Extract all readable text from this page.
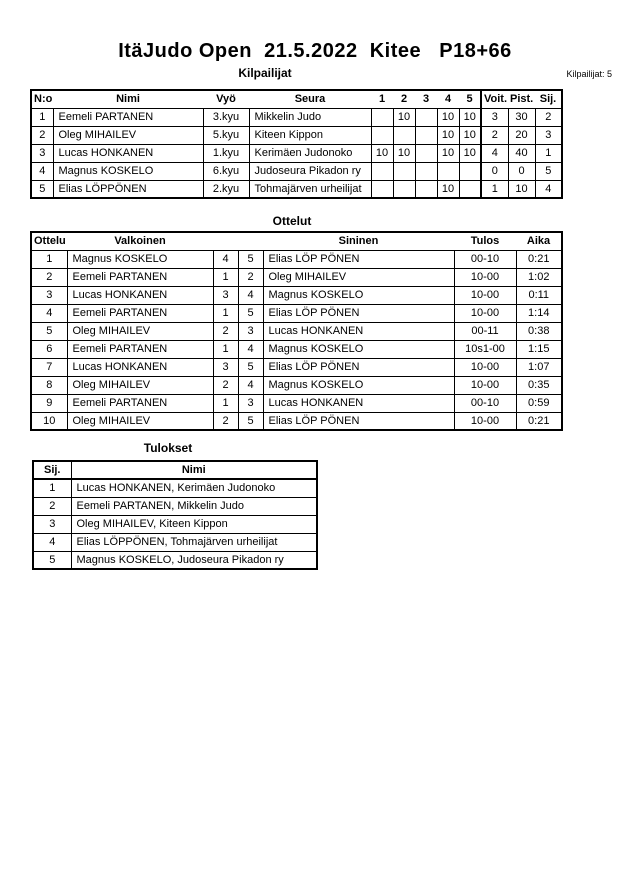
ItäJudo Open  21.5.2022  Kitee   P18+66
Kilpailijat	Kilpailijat: 5
N:o	Nimi	Vyö	Seura	1	2	3	4	5	Voit.	Pist.	Sij.
1	Eemeli PARTANEN	3.kyu	Mikkelin Judo		10		10	10	3	30	2
2	Oleg MIHAILEV	5.kyu	Kiteen Kippon				10	10	2	20	3
3	Lucas HONKANEN	1.kyu	Kerimäen Judonoko	10	10		10	10	4	40	1
4	Magnus KOSKELO	6.kyu	Judoseura Pikadon ry						0	0	5
5	Elias LÖPPÖNEN	2.kyu	Tohmajärven urheilijat				10		1	10	4
Ottelut
Ottelu	Valkoinen			Sininen	Tulos	Aika
1	Magnus KOSKELO	4	5	Elias LÖP PÖNEN	00-10	0:21
2	Eemeli PARTANEN	1	2	Oleg MIHAILEV	10-00	1:02
3	Lucas HONKANEN	3	4	Magnus KOSKELO	10-00	0:11
4	Eemeli PARTANEN	1	5	Elias LÖP PÖNEN	10-00	1:14
5	Oleg MIHAILEV	2	3	Lucas HONKANEN	00-11	0:38
6	Eemeli PARTANEN	1	4	Magnus KOSKELO	10s1-00	1:15
7	Lucas HONKANEN	3	5	Elias LÖP PÖNEN	10-00	1:07
8	Oleg MIHAILEV	2	4	Magnus KOSKELO	10-00	0:35
9	Eemeli PARTANEN	1	3	Lucas HONKANEN	00-10	0:59
10	Oleg MIHAILEV	2	5	Elias LÖP PÖNEN	10-00	0:21
Tulokset
Sij.	Nimi
1	Lucas HONKANEN, Kerimäen Judonoko
2	Eemeli PARTANEN, Mikkelin Judo
3	Oleg MIHAILEV, Kiteen Kippon
4	Elias LÖPPÖNEN, Tohmajärven urheilijat
5	Magnus KOSKELO, Judoseura Pikadon ry
